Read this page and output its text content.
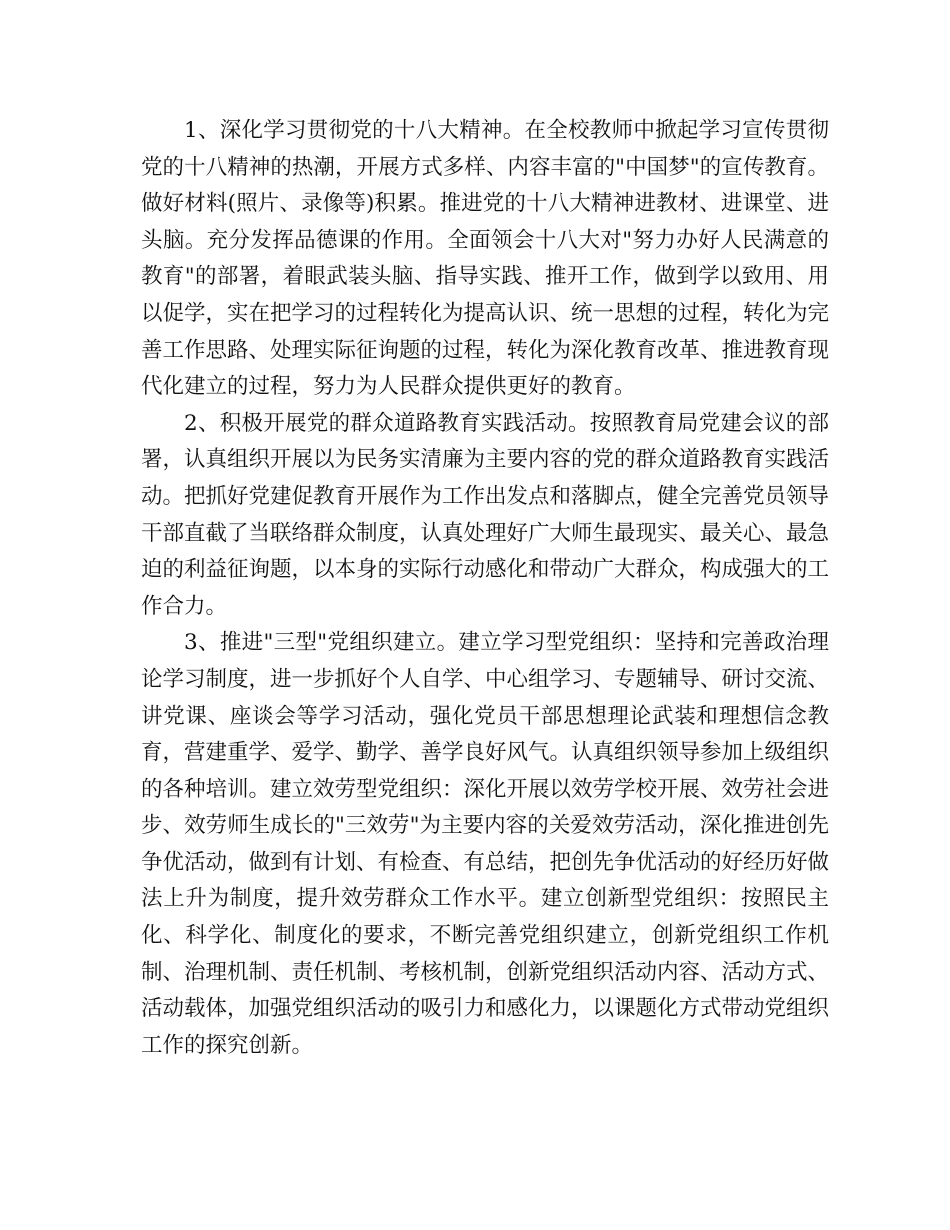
1、深化学习贯彻党的十八大精神。在全校教师中掀起学习宣传贯彻党的十八精神的热潮，开展方式多样、内容丰富的"中国梦"的宣传教育。做好材料(照片、录像等)积累。推进党的十八大精神进教材、进课堂、进头脑。充分发挥品德课的作用。全面领会十八大对"努力办好人民满意的教育"的部署，着眼武装头脑、指导实践、推开工作，做到学以致用、用以促学，实在把学习的过程转化为提高认识、统一思想的过程，转化为完善工作思路、处理实际征询题的过程，转化为深化教育改革、推进教育现代化建立的过程，努力为人民群众提供更好的教育。

2、积极开展党的群众道路教育实践活动。按照教育局党建会议的部署，认真组织开展以为民务实清廉为主要内容的党的群众道路教育实践活动。把抓好党建促教育开展作为工作出发点和落脚点，健全完善党员领导干部直截了当联络群众制度，认真处理好广大师生最现实、最关心、最急迫的利益征询题，以本身的实际行动感化和带动广大群众，构成强大的工作合力。

3、推进"三型"党组织建立。建立学习型党组织：坚持和完善政治理论学习制度，进一步抓好个人自学、中心组学习、专题辅导、研讨交流、讲党课、座谈会等学习活动，强化党员干部思想理论武装和理想信念教育，营建重学、爱学、勤学、善学良好风气。认真组织领导参加上级组织的各种培训。建立效劳型党组织：深化开展以效劳学校开展、效劳社会进步、效劳师生成长的"三效劳"为主要内容的关爱效劳活动，深化推进创先争优活动，做到有计划、有检查、有总结，把创先争优活动的好经历好做法上升为制度，提升效劳群众工作水平。建立创新型党组织：按照民主化、科学化、制度化的要求，不断完善党组织建立，创新党组织工作机制、治理机制、责任机制、考核机制，创新党组织活动内容、活动方式、活动载体，加强党组织活动的吸引力和感化力，以课题化方式带动党组织工作的探究创新。
